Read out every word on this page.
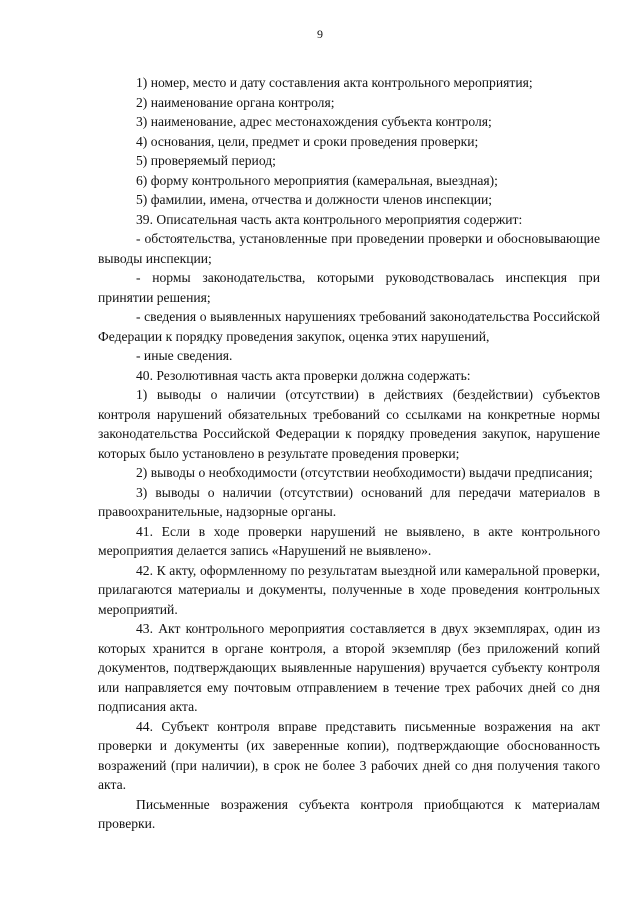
9

1) номер, место и дату составления акта контрольного мероприятия;

2) наименование органа контроля;

3) наименование, адрес местонахождения субъекта контроля;

4) основания, цели, предмет и сроки проведения проверки;

5) проверяемый период;

6) форму контрольного мероприятия (камеральная, выездная);

5) фамилии, имена, отчества и должности членов инспекции;

39. Описательная часть акта контрольного мероприятия содержит:

- обстоятельства, установленные при проведении проверки и обосновывающие выводы инспекции;

- нормы законодательства, которыми руководствовалась инспекция при принятии решения;

- сведения о выявленных нарушениях требований законодательства Российской Федерации к порядку проведения закупок, оценка этих нарушений,

- иные сведения.

40. Резолютивная часть акта проверки должна содержать:

1) выводы о наличии (отсутствии) в действиях (бездействии) субъектов контроля нарушений обязательных требований со ссылками на конкретные нормы законодательства Российской Федерации к порядку проведения закупок, нарушение которых было установлено в результате проведения проверки;

2) выводы о необходимости (отсутствии необходимости) выдачи предписания;

3) выводы о наличии (отсутствии) оснований для передачи материалов в правоохранительные, надзорные органы.

41. Если в ходе проверки нарушений не выявлено, в акте контрольного мероприятия делается запись «Нарушений не выявлено».

42. К акту, оформленному по результатам выездной или камеральной проверки, прилагаются материалы и документы, полученные в ходе проведения контрольных мероприятий.

43. Акт контрольного мероприятия составляется в двух экземплярах, один из которых хранится в органе контроля, а второй экземпляр (без приложений копий документов, подтверждающих выявленные нарушения) вручается субъекту контроля или направляется ему почтовым отправлением в течение трех рабочих дней со дня подписания акта.

44. Субъект контроля вправе представить письменные возражения на акт проверки и документы (их заверенные копии), подтверждающие обоснованность возражений (при наличии), в срок не более 3 рабочих дней со дня получения такого акта.

Письменные возражения субъекта контроля приобщаются к материалам проверки.
